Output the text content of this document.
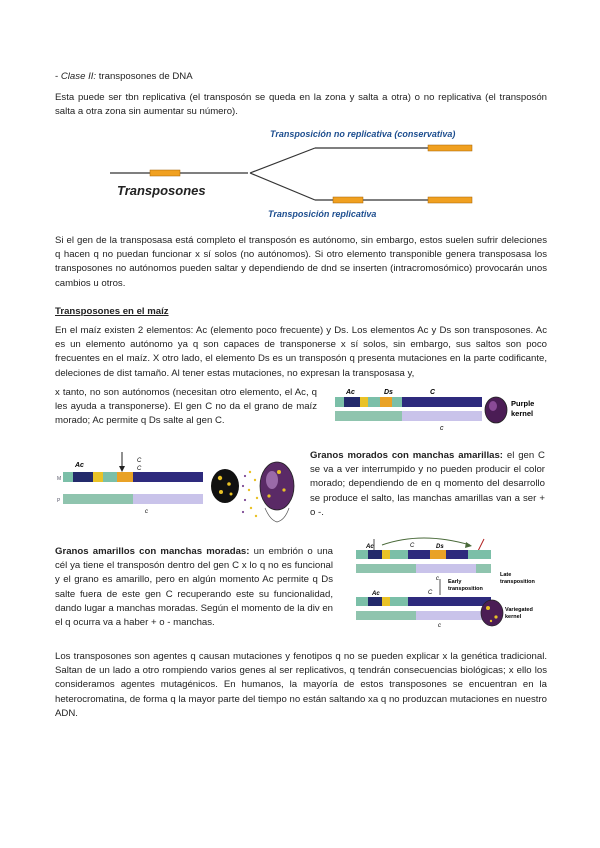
- Clase II: transposones de DNA
Esta puede ser tbn replicativa (el transposón se queda en la zona y salta a otra) o no replicativa (el transposón salta a otra zona sin aumentar su número).
Transposición no replicativa (conservativa)
Transposones
Transposición replicativa
Si el gen de la transposasa está completo el transposón es autónomo, sin embargo, estos suelen sufrir deleciones q hacen q no puedan funcionar x sí solos (no autónomos). Si otro elemento transponible genera transposasa los transposones no autónomos pueden saltar y dependiendo de dnd se inserten (intracromosómico) provocarán unos cambios u otros.
Transposones en el maíz
En el maíz existen 2 elementos: Ac (elemento poco frecuente) y Ds. Los elementos Ac y Ds son transposones. Ac es un elemento autónomo ya q son capaces de transponerse x sí solos, sin embargo, sus saltos son poco frecuentes en el maíz. X otro lado, el elemento Ds es un transposón q presenta mutaciones en la parte codificante, deleciones de dist tamaño. Al tener estas mutaciones, no expresan la transposasa y,
x tanto, no son autónomos (necesitan otro elemento, el Ac, q les ayuda a transponerse). El gen C no da el grano de maíz morado; Ac permite q Ds salte al gen C.
Ac	Ds	C
c
Purple
kernel
C
C
Ac
M
P
c
Granos morados con manchas amarillas: el gen C se va a ver interrumpido y no pueden producir el color morado; dependiendo de en q momento del desarrollo se produce el salto, las manchas amarillas van a ser + o -.
Granos amarillos con manchas moradas: un embrión o una cél ya tiene el transposón dentro del gen C x lo q no es funcional y el grano es amarillo, pero en algún momento Ac permite q Ds salte fuera de este gen C recuperando este su funcionalidad, dando lugar a manchas moradas. Según el momento de la div en el q ocurra va a haber + o - manchas.
Ac	Ds
C
c
Ac	C
c
Early
transposition
Late
transposition
Variegated
kernel
Los transposones son agentes q causan mutaciones y fenotipos q no se pueden explicar x la genética tradicional. Saltan de un lado a otro rompiendo varios genes al ser replicativos, q tendrán consecuencias biológicas; x ello los consideramos agentes mutagénicos. En humanos, la mayoría de estos transposones se encuentran en la heterocromatina, de forma q la mayor parte del tiempo no están saltando xa q no produzcan mutaciones en nuestro ADN.
